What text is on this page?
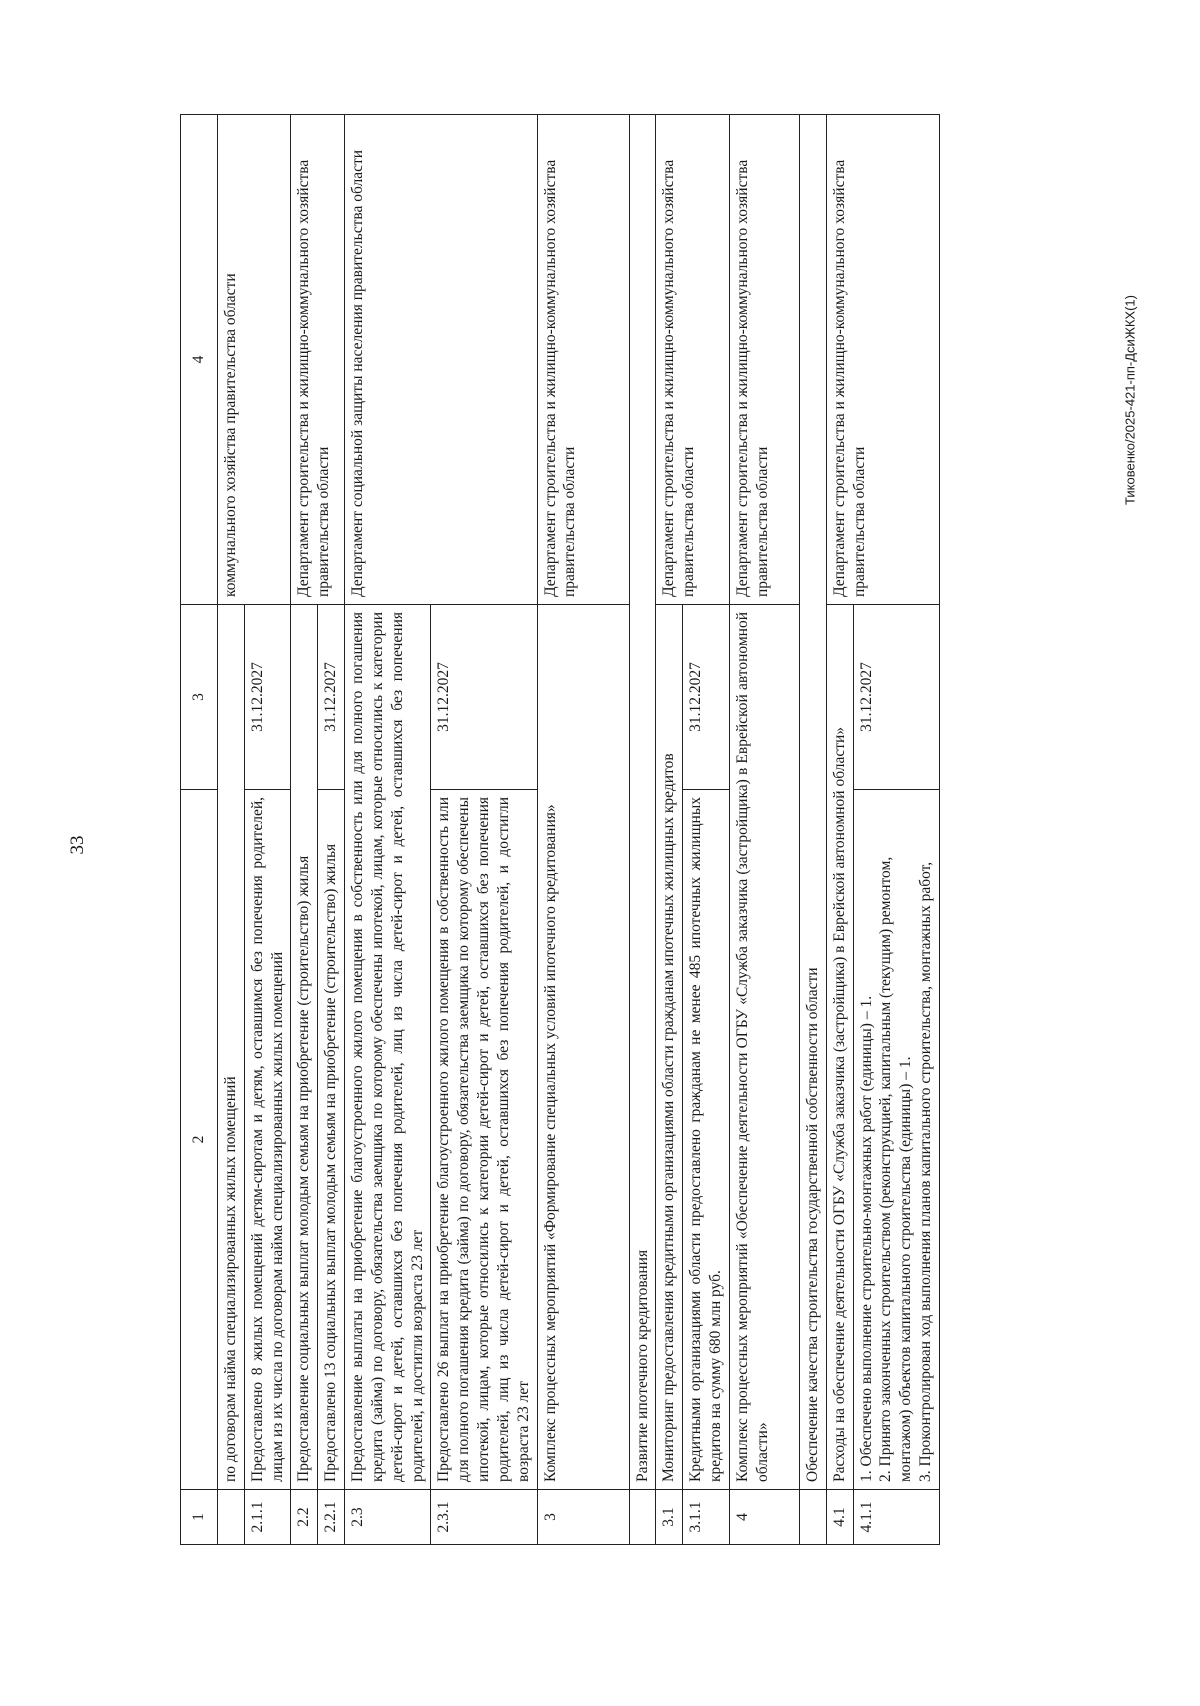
33
Тиковенко/2025-421-пп-ДсиЖКХ(1)
1	2	3	4
	по договорам найма специализированных жилых помещений		коммунального хозяйства правительства области
2.1.1	Предоставлено 8 жилых помещений детям-сиротам и детям, оставшимся без попечения родителей, лицам из их числа по договорам найма специализированных жилых помещений	31.12.2027	
2.2	Предоставление социальных выплат молодым семьям на приобретение (строительство) жилья		Департамент строительства и жилищно-коммунального хозяйства правительства области
2.2.1	Предоставлено 13 социальных выплат молодым семьям на приобретение (строительство) жилья	31.12.2027	
2.3	Предоставление выплаты на приобретение благоустроенного жилого помещения в собственность или для полного погашения кредита (займа) по договору, обязательства заемщика по которому обеспечены ипотекой, лицам, которые относились к категории детей-сирот и детей, оставшихся без попечения родителей, лиц из числа детей-сирот и детей, оставшихся без попечения родителей, и достигли возраста 23 лет		Департамент социальной защиты населения правительства области
2.3.1	Предоставлено 26 выплат на приобретение благоустроенного жилого помещения в собственность или для полного погашения кредита (займа) по договору, обязательства заемщика по которому обеспечены ипотекой, лицам, которые относились к категории детей-сирот и детей, оставшихся без попечения родителей, лиц из числа детей-сирот и детей, оставшихся без попечения родителей, и достигли возраста 23 лет	31.12.2027	
3	Комплекс процессных мероприятий «Формирование специальных условий ипотечного кредитования»		Департамент строительства и жилищно-коммунального хозяйства правительства области
	Развитие ипотечного кредитования		
3.1	Мониторинг предоставления кредитными организациями области гражданам ипотечных жилищных кредитов		Департамент строительства и жилищно-коммунального хозяйства правительства области
3.1.1	Кредитными организациями области предоставлено гражданам не менее 485 ипотечных жилищных кредитов на сумму 680 млн руб.	31.12.2027	
4	Комплекс процессных мероприятий «Обеспечение деятельности ОГБУ «Служба заказчика (застройщика) в Еврейской автономной области»		Департамент строительства и жилищно-коммунального хозяйства правительства области
	Обеспечение качества строительства государственной собственности области		
4.1	Расходы на обеспечение деятельности ОГБУ «Служба заказчика (застройщика) в Еврейской автономной области»		Департамент строительства и жилищно-коммунального хозяйства правительства области
4.1.1	1. Обеспечено выполнение строительно-монтажных работ (единицы) – 1. 2. Принято законченных строительством (реконструкцией, капитальным (текущим) ремонтом, монтажом) объектов капитального строительства (единицы) – 1. 3. Проконтролирован ход выполнения планов капитального строительства, монтажных работ,	31.12.2027	
